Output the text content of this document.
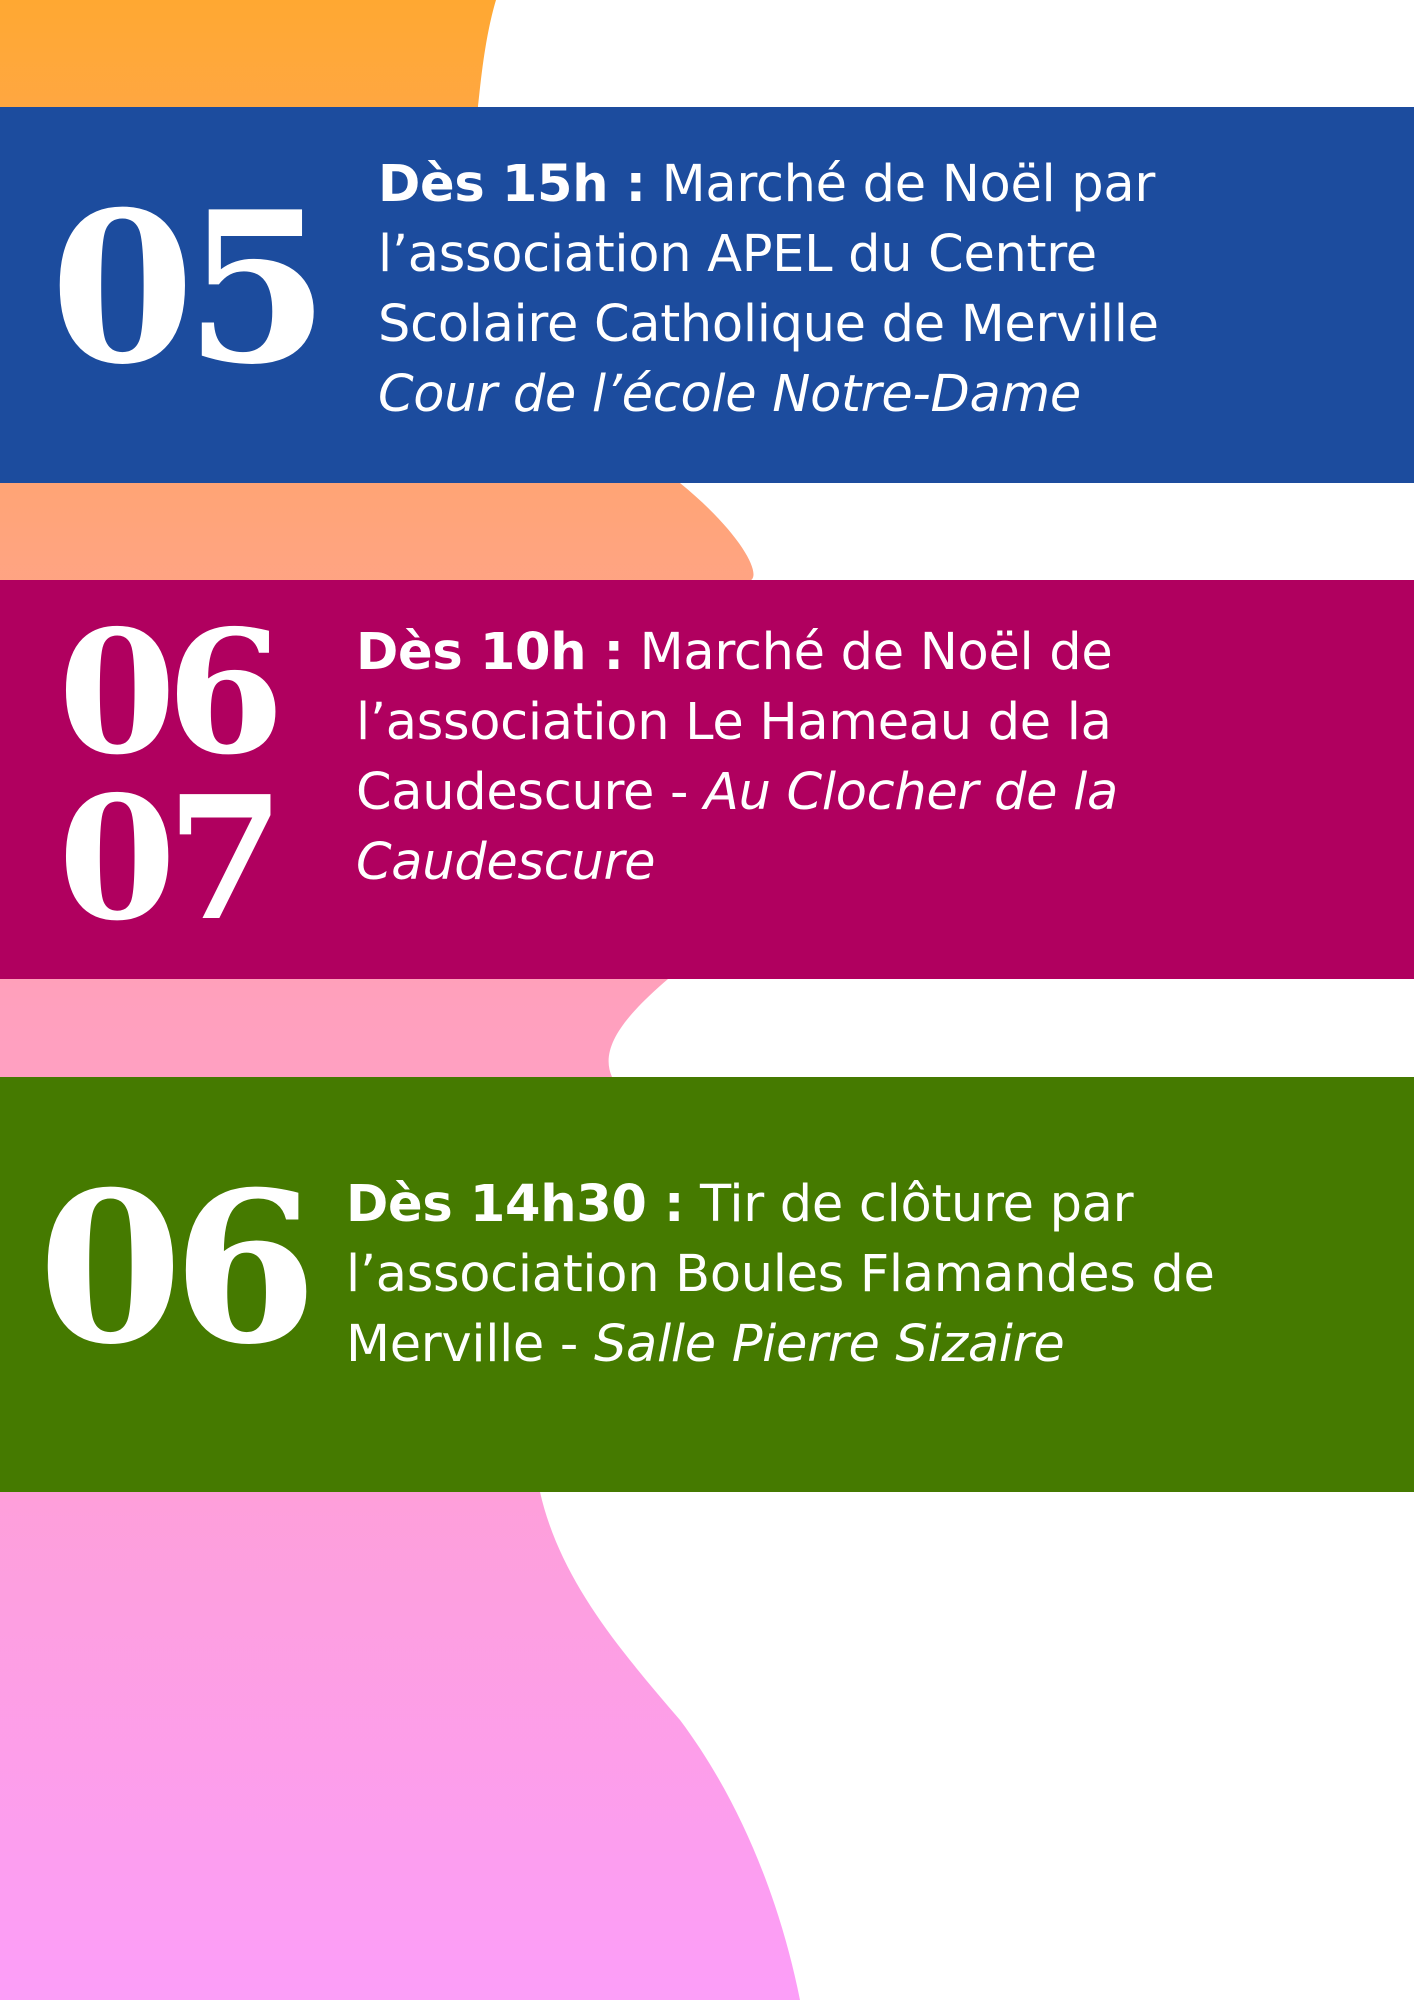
05 Dès 15h : Marché de Noël par
l’association APEL du Centre
Scolaire Catholique de Merville
Cour de l’école Notre-Dame

06
07

Dès 10h : Marché de Noël de
l’association Le Hameau de la
Caudescure - Au Clocher de la
Caudescure

06 Dès 14h30 : Tir de clôture par
l’association Boules Flamandes de
Merville - Salle Pierre Sizaire
